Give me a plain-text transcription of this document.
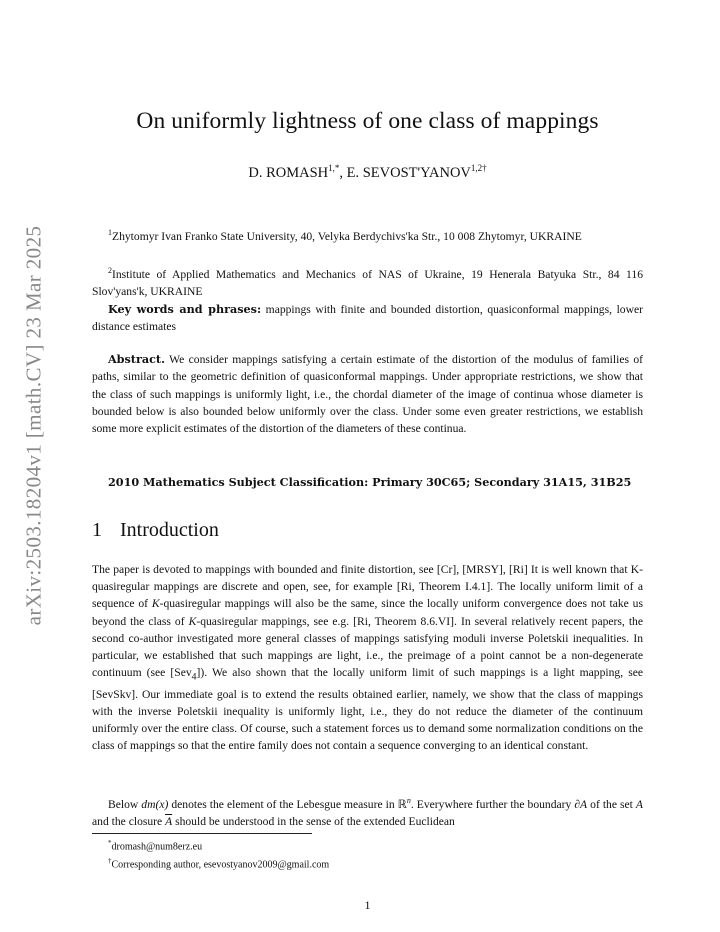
arXiv:2503.18204v1 [math.CV] 23 Mar 2025
On uniformly lightness of one class of mappings
D. $ROMASH^{1,*}$, E. $SEVOST'YANOV^{1,2\dagger}$

$^1$Zhytomyr Ivan Franko State University, 40, Velyka Berdychivs'ka Str., 10 008 Zhytomyr, UKRAINE

$^2$Institute of Applied Mathematics and Mechanics of NAS of Ukraine, 19 Henerala Batyuka Str., 84 116 Slov'yans'k, UKRAINE

Key words and phrases: mappings with finite and bounded distortion, quasiconformal mappings, lower distance estimates

Abstract. We consider mappings satisfying a certain estimate of the distortion of the modulus of families of paths, similar to the geometric definition of quasiconformal mappings. Under appropriate restrictions, we show that the class of such mappings is uniformly light, i.e., the chordal diameter of the image of continua whose diameter is bounded below is also bounded below uniformly over the class. Under some even greater restrictions, we establish some more explicit estimates of the distortion of the diameters of these continua.

2010 Mathematics Subject Classification: Primary 30C65; Secondary 31A15, 31B25
1 Introduction

The paper is devoted to mappings with bounded and finite distortion, see [Cr], [MRSY], [Ri] It is well known that K-quasiregular mappings are discrete and open, see, for example [Ri, Theorem I.4.1]. The locally uniform limit of a sequence of K-quasiregular mappings will also be the same, since the locally uniform convergence does not take us beyond the class of K-quasiregular mappings, see e.g. [Ri, Theorem 8.6.VI]. In several relatively recent papers, the second co-author investigated more general classes of mappings satisfying moduli inverse Poletskii inequalities. In particular, we established that such mappings are light, i.e., the preimage of a point cannot be a non-degenerate continuum (see [Sev$_4$]). We also shown that the locally uniform limit of such mappings is a light mapping, see [SevSkv]. Our immediate goal is to extend the results obtained earlier, namely, we show that the class of mappings with the inverse Poletskii inequality is uniformly light, i.e., they do not reduce the diameter of the continuum uniformly over the entire class. Of course, such a statement forces us to demand some normalization conditions on the class of mappings so that the entire family does not contain a sequence converging to an identical constant.

Below dm(x) denotes the element of the Lebesgue measure in ℝ$^n$. Everywhere further the boundary ∂A of the set A and the closure $\overline{A}$ should be understood in the sense of the extended Euclidean

*dromash@num8erz.eu
†Corresponding author, esevostyanov2009@gmail.com
1
